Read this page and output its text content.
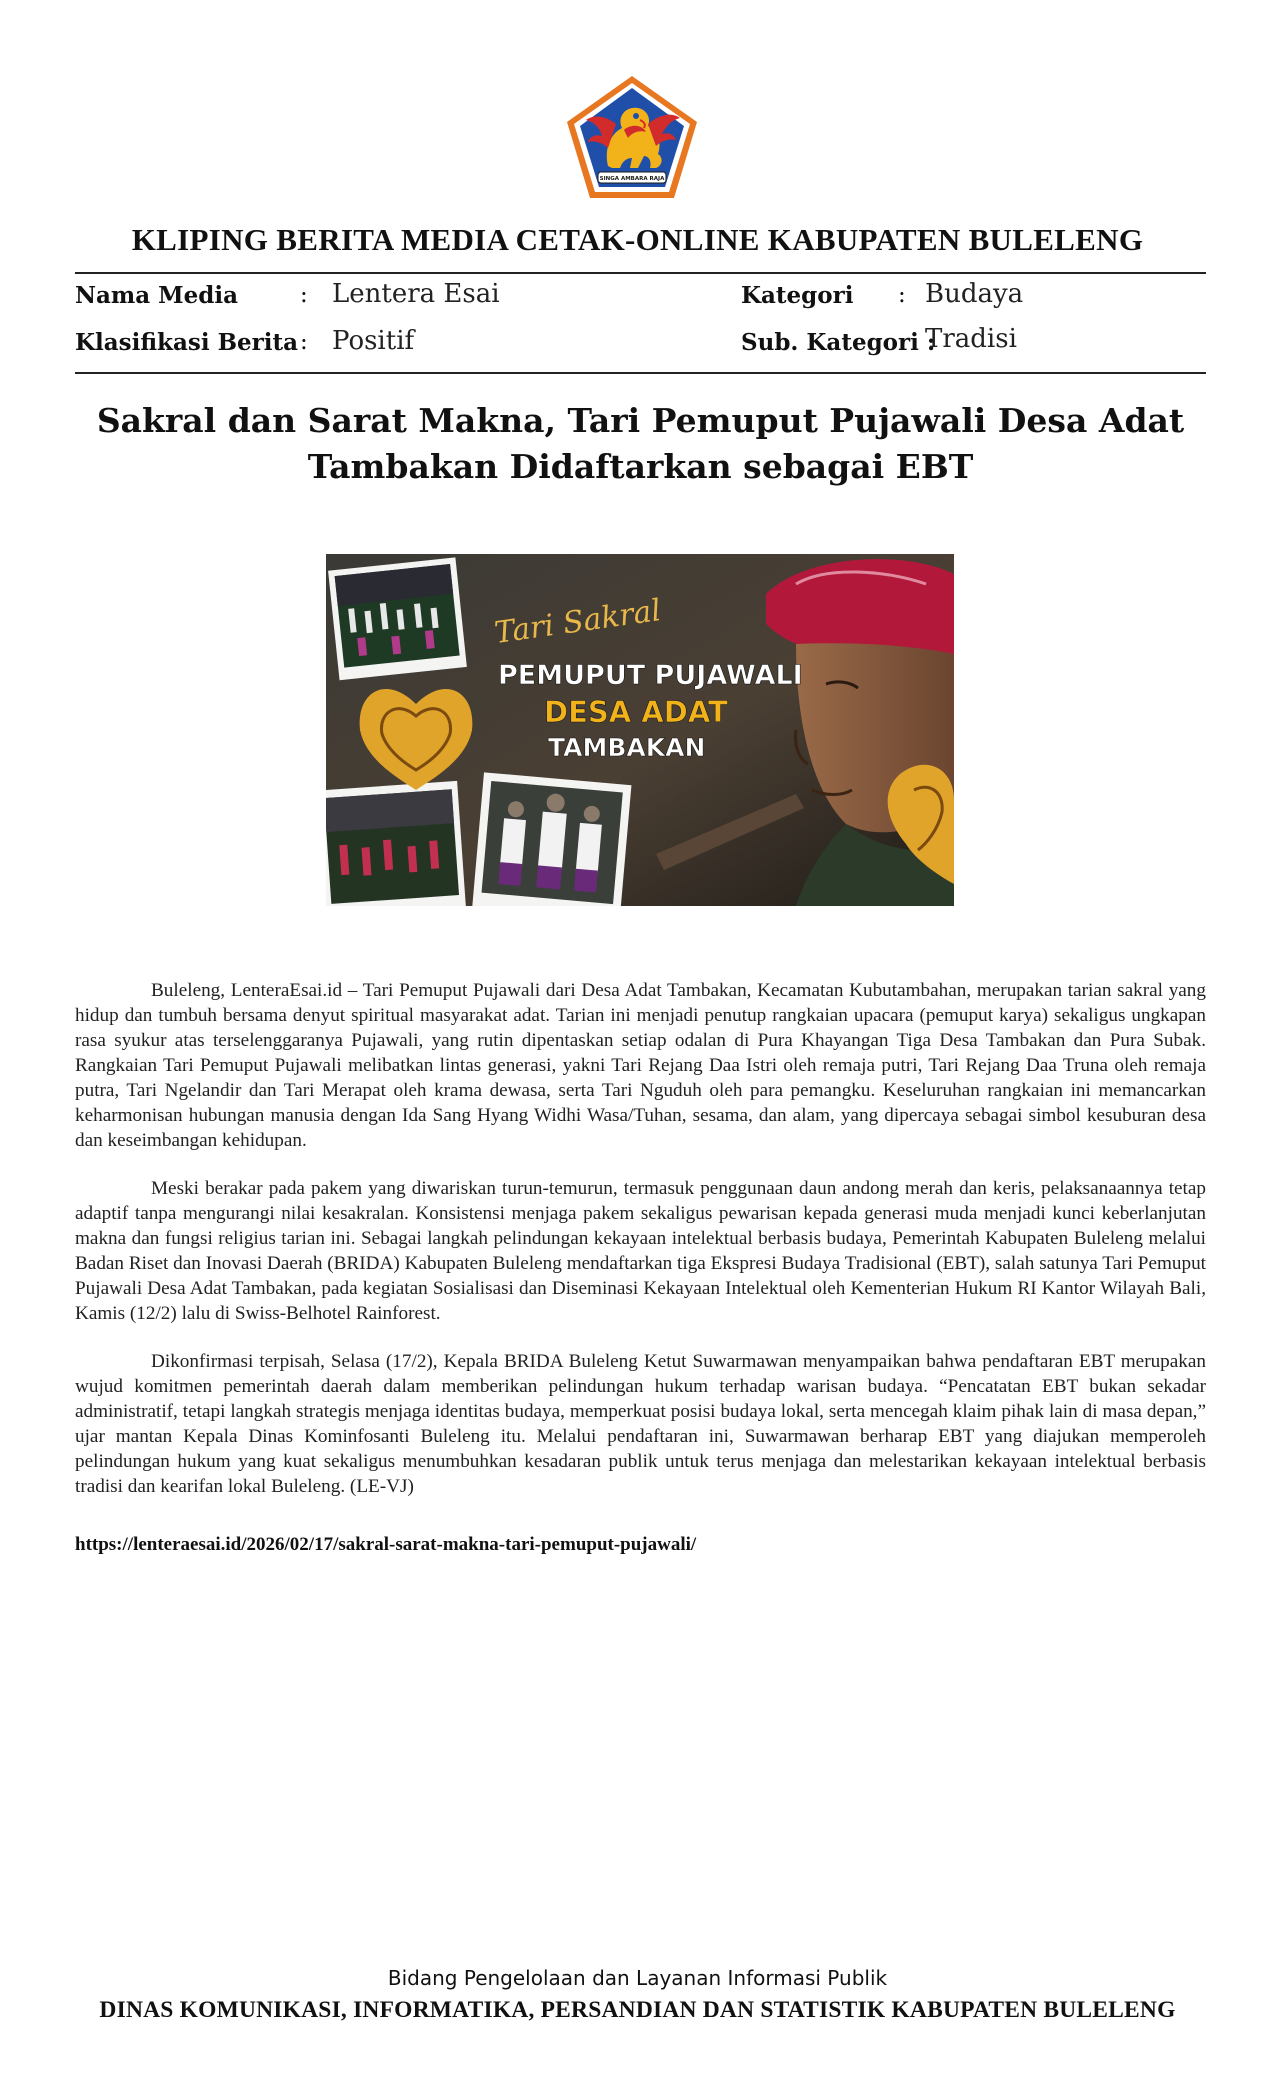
SINGA AMBARA RAJA
KLIPING BERITA MEDIA CETAK-ONLINE KABUPATEN BULELENG
Nama Media	: Lentera Esai
Klasifikasi Berita : Positif
Kategori : Budaya
Sub. Kategori :
Tradisi
Sakral dan Sarat Makna, Tari Pemuput Pujawali Desa Adat Tambakan Didaftarkan sebagai EBT
Tari Sakral
PEMUPUT PUJAWALI
DESA ADAT
TAMBAKAN

Buleleng, LenteraEsai.id – Tari Pemuput Pujawali dari Desa Adat Tambakan, Kecamatan Kubutambahan, merupakan tarian sakral yang hidup dan tumbuh bersama denyut spiritual masyarakat adat. Tarian ini menjadi penutup rangkaian upacara (pemuput karya) sekaligus ungkapan rasa syukur atas terselenggaranya Pujawali, yang rutin dipentaskan setiap odalan di Pura Khayangan Tiga Desa Tambakan dan Pura Subak. Rangkaian Tari Pemuput Pujawali melibatkan lintas generasi, yakni Tari Rejang Daa Istri oleh remaja putri, Tari Rejang Daa Truna oleh remaja putra, Tari Ngelandir dan Tari Merapat oleh krama dewasa, serta Tari Nguduh oleh para pemangku. Keseluruhan rangkaian ini memancarkan keharmonisan hubungan manusia dengan Ida Sang Hyang Widhi Wasa/Tuhan, sesama, dan alam, yang dipercaya sebagai simbol kesuburan desa dan keseimbangan kehidupan.

Meski berakar pada pakem yang diwariskan turun-temurun, termasuk penggunaan daun andong merah dan keris, pelaksanaannya tetap adaptif tanpa mengurangi nilai kesakralan. Konsistensi menjaga pakem sekaligus pewarisan kepada generasi muda menjadi kunci keberlanjutan makna dan fungsi religius tarian ini. Sebagai langkah pelindungan kekayaan intelektual berbasis budaya, Pemerintah Kabupaten Buleleng melalui Badan Riset dan Inovasi Daerah (BRIDA) Kabupaten Buleleng mendaftarkan tiga Ekspresi Budaya Tradisional (EBT), salah satunya Tari Pemuput Pujawali Desa Adat Tambakan, pada kegiatan Sosialisasi dan Diseminasi Kekayaan Intelektual oleh Kementerian Hukum RI Kantor Wilayah Bali, Kamis (12/2) lalu di Swiss-Belhotel Rainforest.

Dikonfirmasi terpisah, Selasa (17/2), Kepala BRIDA Buleleng Ketut Suwarmawan menyampaikan bahwa pendaftaran EBT merupakan wujud komitmen pemerintah daerah dalam memberikan pelindungan hukum terhadap warisan budaya. “Pencatatan EBT bukan sekadar administratif, tetapi langkah strategis menjaga identitas budaya, memperkuat posisi budaya lokal, serta mencegah klaim pihak lain di masa depan,” ujar mantan Kepala Dinas Kominfosanti Buleleng itu. Melalui pendaftaran ini, Suwarmawan berharap EBT yang diajukan memperoleh pelindungan hukum yang kuat sekaligus menumbuhkan kesadaran publik untuk terus menjaga dan melestarikan kekayaan intelektual berbasis tradisi dan kearifan lokal Buleleng. (LE-VJ)

https://lenteraesai.id/2026/02/17/sakral-sarat-makna-tari-pemuput-pujawali/
Bidang Pengelolaan dan Layanan Informasi Publik
DINAS KOMUNIKASI, INFORMATIKA, PERSANDIAN DAN STATISTIK KABUPATEN BULELENG
